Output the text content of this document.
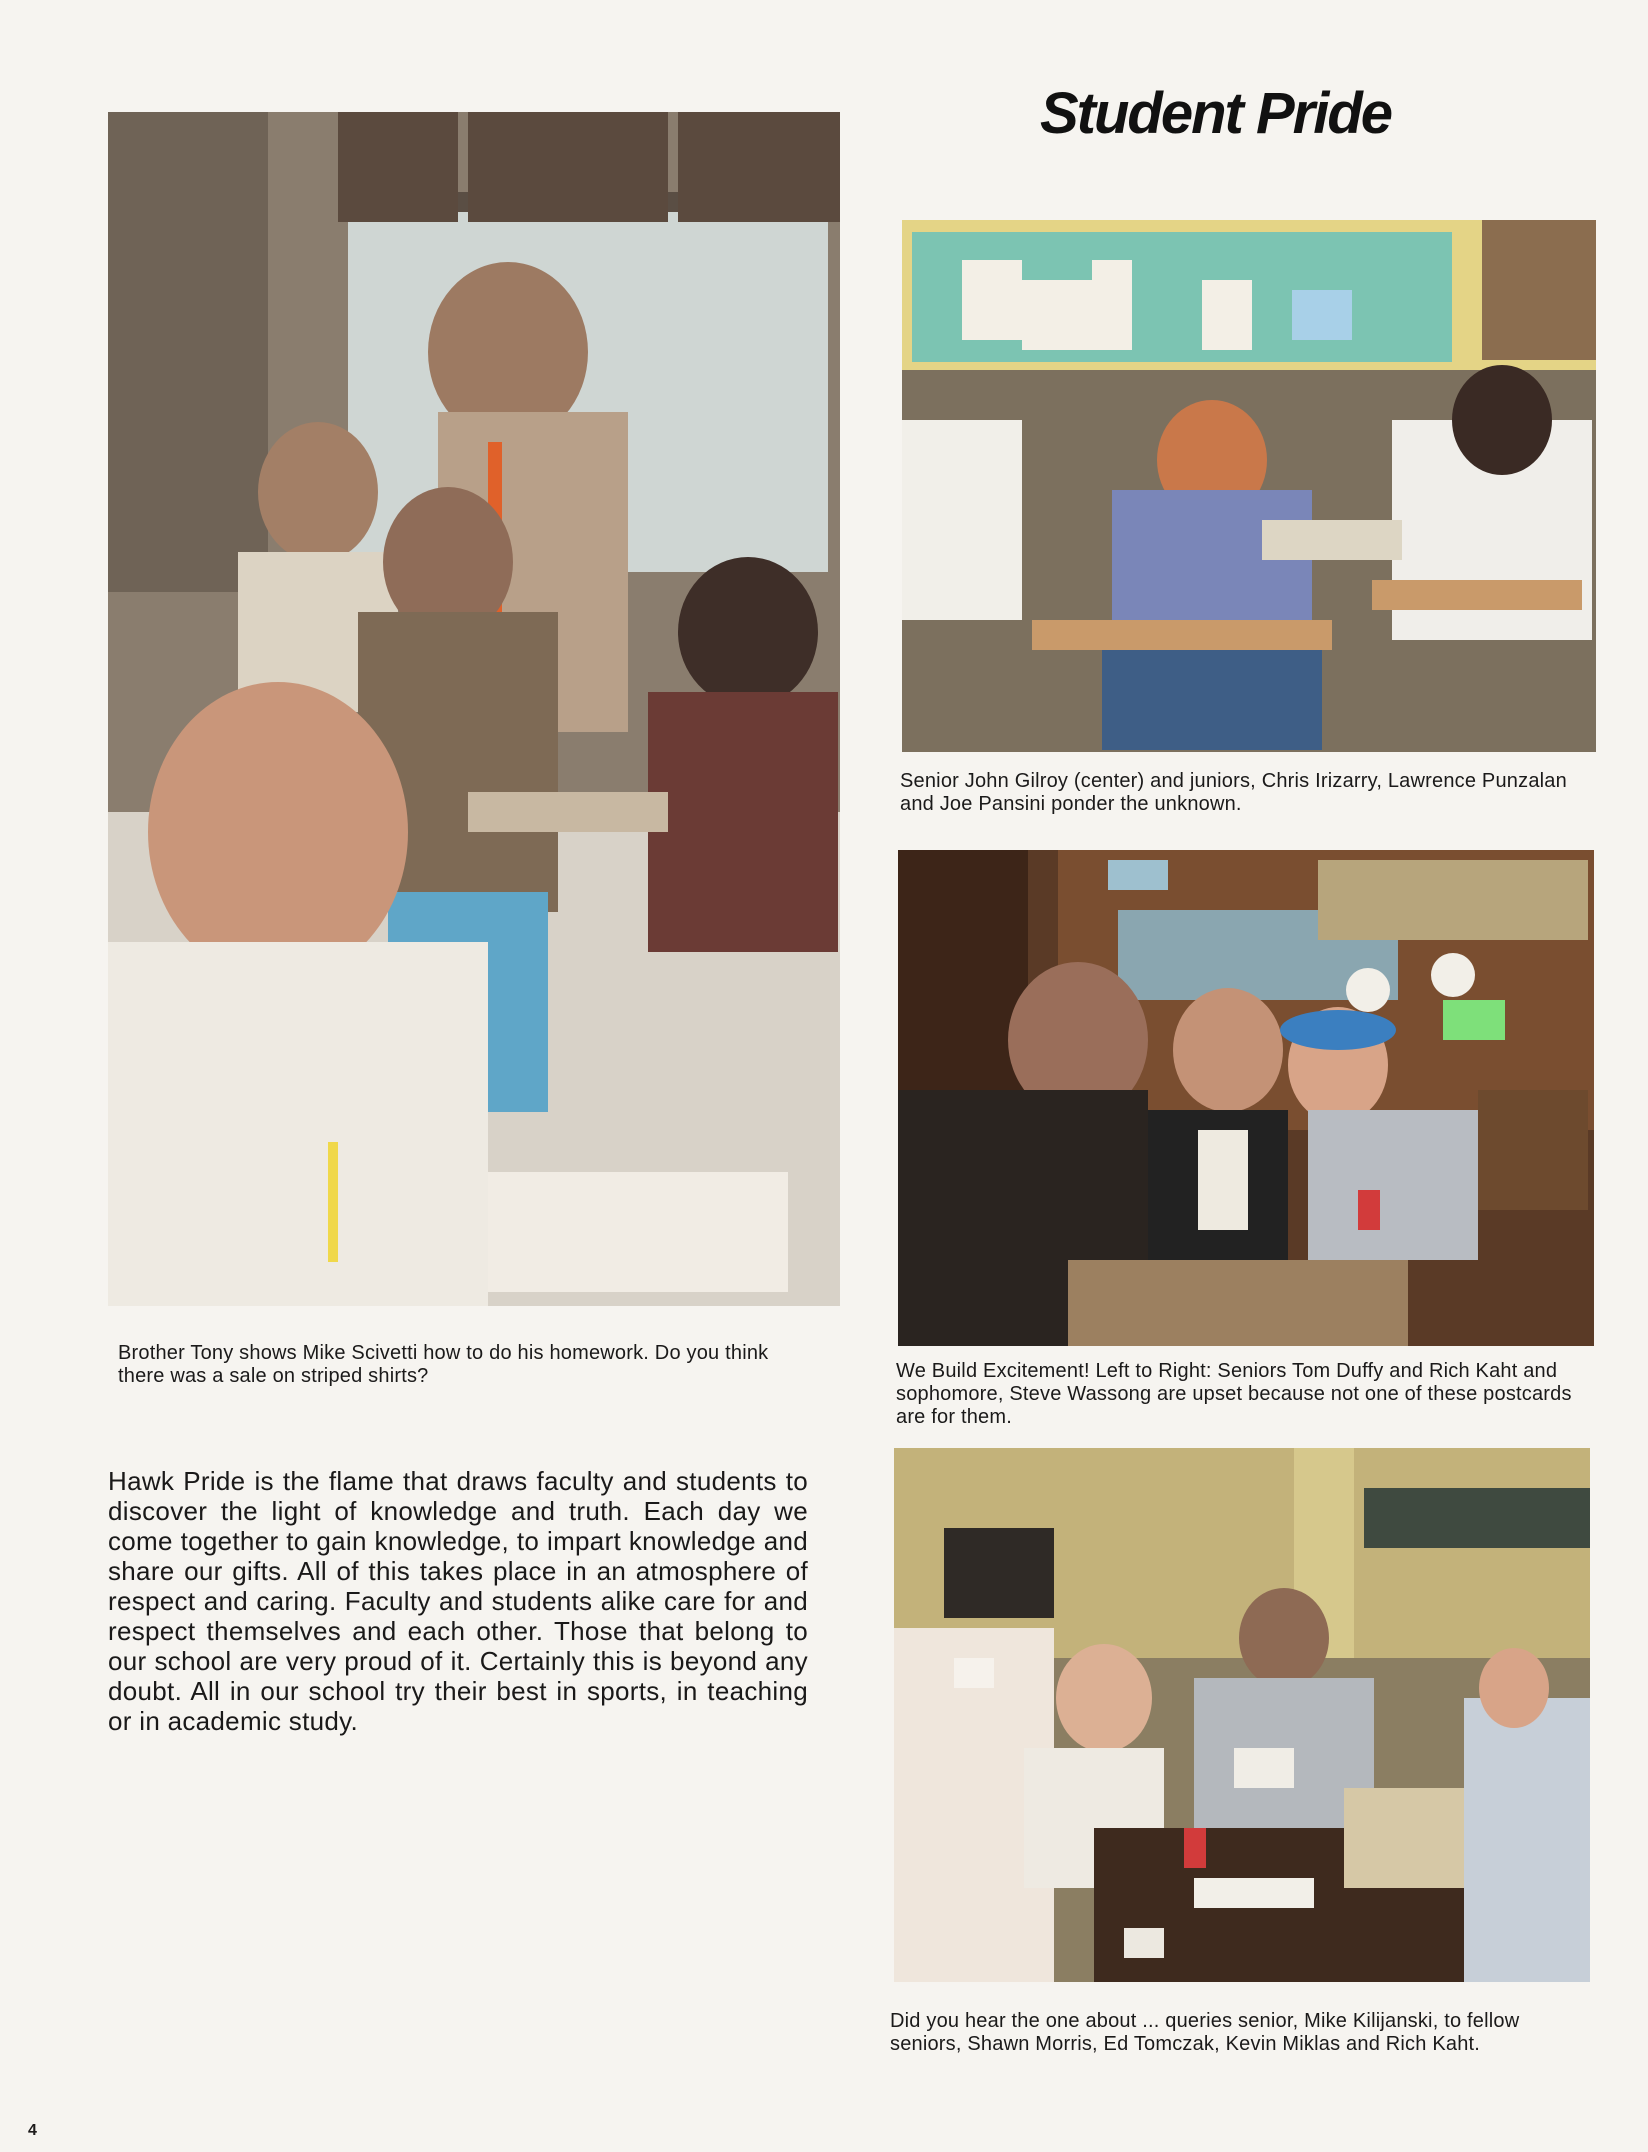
Student Pride
Brother Tony shows Mike Scivetti how to do his homework. Do you think there was a sale on striped shirts?
Senior John Gilroy (center) and juniors, Chris Irizarry, Lawrence Punzalan and Joe Pansini ponder the unknown.
We Build Excitement! Left to Right: Seniors Tom Duffy and Rich Kaht and sophomore, Steve Wassong are upset because not one of these postcards are for them.
Did you hear the one about ... queries senior, Mike Kilijanski, to fellow seniors, Shawn Morris, Ed Tomczak, Kevin Miklas and Rich Kaht.

Hawk Pride is the flame that draws faculty and students to discover the light of knowledge and truth. Each day we come together to gain knowledge, to impart knowledge and share our gifts. All of this takes place in an atmosphere of respect and caring. Faculty and students alike care for and respect themselves and each other. Those that belong to our school are very proud of it. Certainly this is beyond any doubt. All in our school try their best in sports, in teaching or in academic study.

4
